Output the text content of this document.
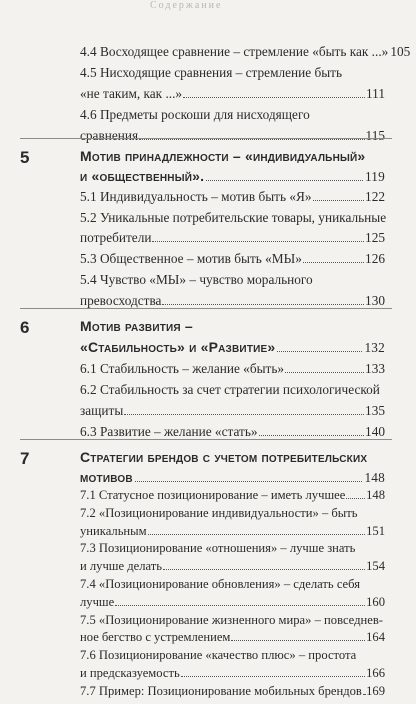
Содержание
4.4 Восходящее сравнение – стремление «быть как ...» 105
4.5 Нисходящие сравнения – стремление быть
«не таким, как ...»	111
4.6 Предметы роскоши для нисходящего
сравнения	115
5	Мотив принадлежности – «индивидуальный»
и «общественный».	119
5.1 Индивидуальность – мотив быть «Я»	122
5.2 Уникальные потребительские товары, уникальные
потребители	125
5.3 Общественное – мотив быть «МЫ»	126
5.4 Чувство «МЫ» – чувство морального
превосходства	130
6	Мотив развития –
«Стабильность» и «Развитие»	132
6.1 Стабильность – желание «быть»	133
6.2 Стабильность за счет стратегии психологической
защиты	135
6.3 Развитие – желание «стать»	140
7	Стратегии брендов с учетом потребительских
мотивов	148
7.1 Статусное позиционирование – иметь лучшее 148
7.2 «Позиционирование индивидуальности» – быть
уникальным	151
7.3 Позиционирование «отношения» – лучше знать
и лучше делать	154
7.4 «Позиционирование обновления» – сделать себя
лучше	160
7.5 «Позиционирование жизненного мира» – повседнев-
ное бегство с устремлением	164
7.6 Позиционирование «качество плюс» – простота
и предсказуемость	166
7.7 Пример: Позиционирование мобильных брендов 169
